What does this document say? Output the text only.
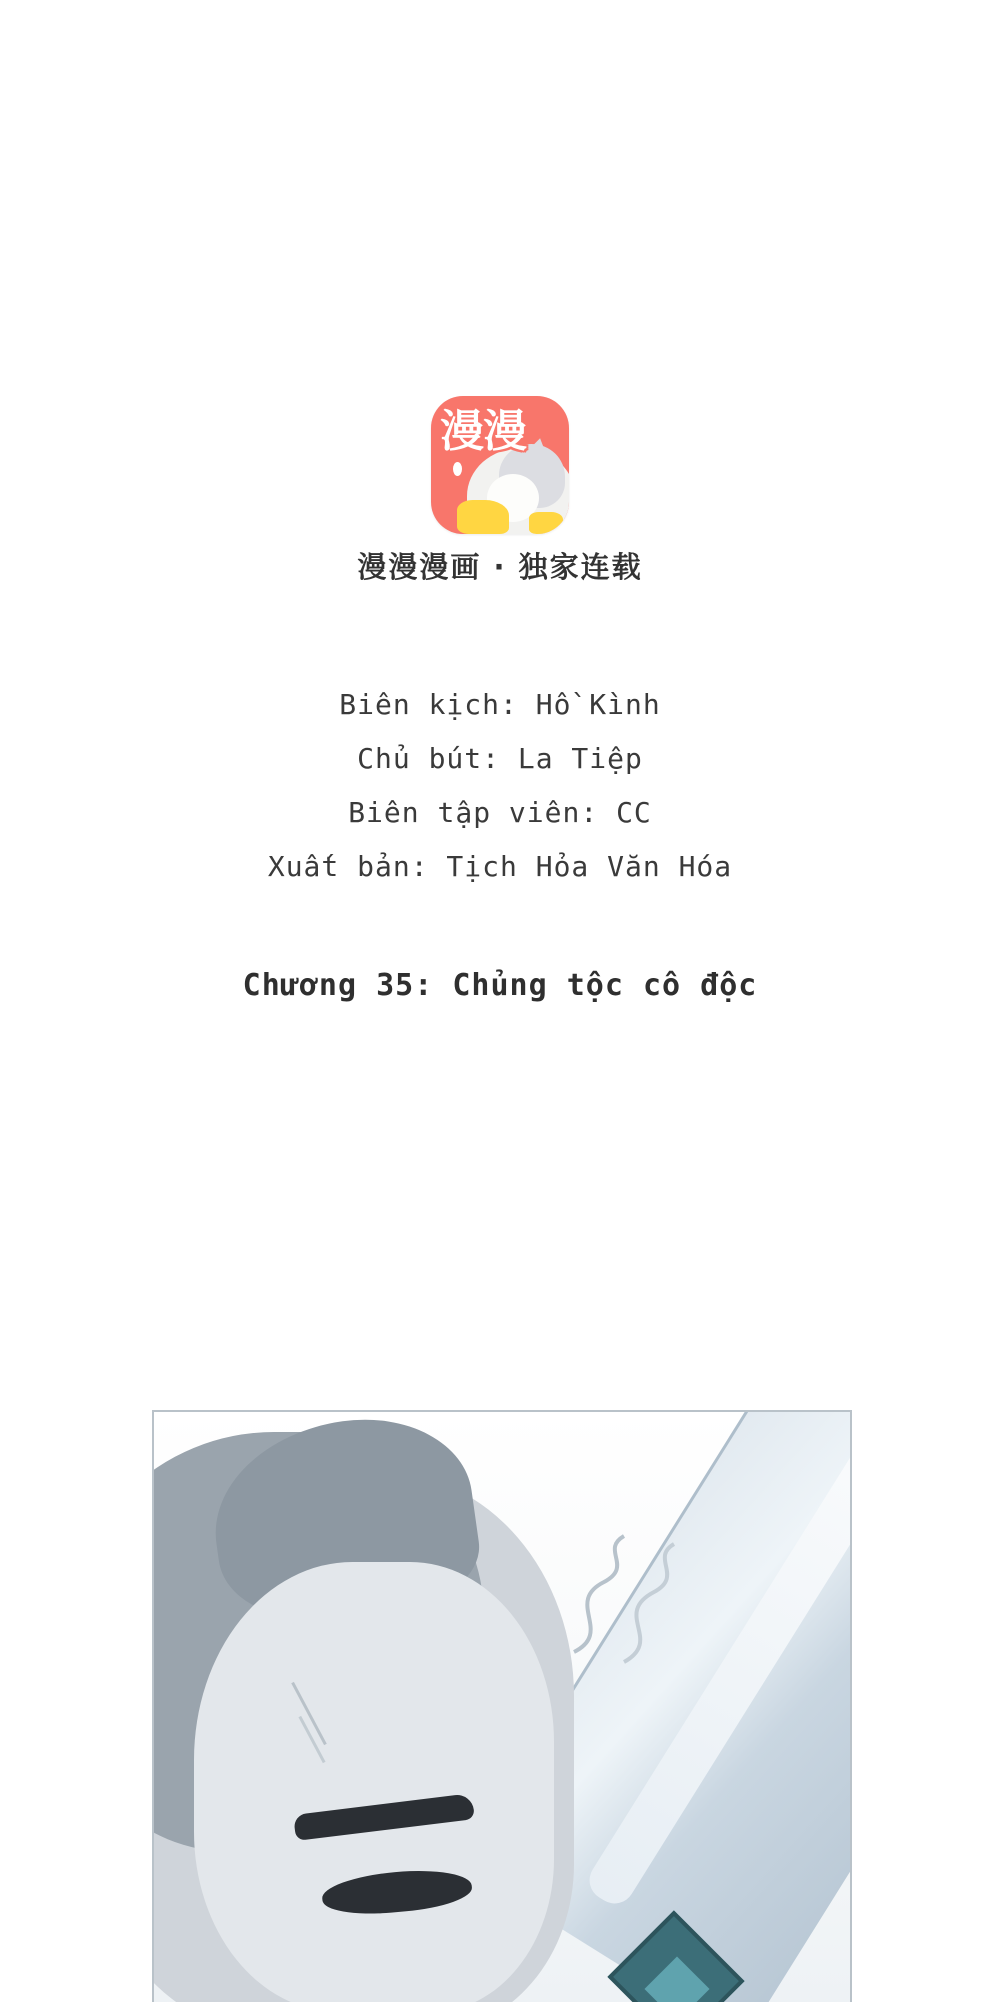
漫漫
漫漫漫画 · 独家连载
Biên kịch: Hồ Kình
Chủ bút: La Tiệp
Biên tập viên: CC
Xuất bản: Tịch Hỏa Văn Hóa
Chương 35: Chủng tộc cô độc
